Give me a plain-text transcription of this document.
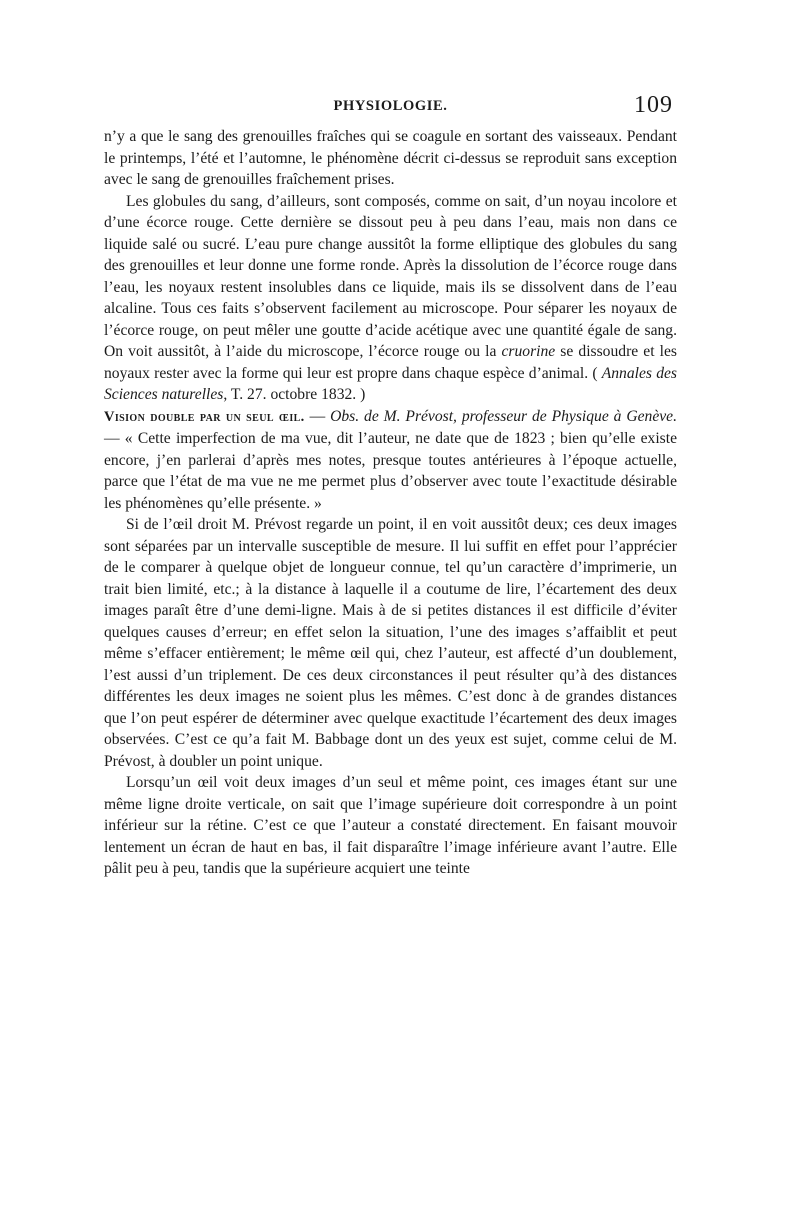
PHYSIOLOGIE.	109

n’y a que le sang des grenouilles fraîches qui se coagule en sortant des vaisseaux. Pendant le printemps, l’été et l’automne, le phénomène décrit ci-dessus se reproduit sans exception avec le sang de grenouilles fraîchement prises.

Les globules du sang, d’ailleurs, sont composés, comme on sait, d’un noyau incolore et d’une écorce rouge. Cette dernière se dissout peu à peu dans l’eau, mais non dans ce liquide salé ou sucré. L’eau pure change aussitôt la forme elliptique des globules du sang des grenouilles et leur donne une forme ronde. Après la dissolution de l’écorce rouge dans l’eau, les noyaux restent insolubles dans ce liquide, mais ils se dissolvent dans de l’eau alcaline. Tous ces faits s’observent facilement au microscope. Pour séparer les noyaux de l’écorce rouge, on peut mêler une goutte d’acide acétique avec une quantité égale de sang. On voit aussitôt, à l’aide du microscope, l’écorce rouge ou la cruorine se dissoudre et les noyaux rester avec la forme qui leur est propre dans chaque espèce d’animal. ( Annales des Sciences naturelles, T. 27. octobre 1832. )

Vision double par un seul œil. — Obs. de M. Prévost, professeur de Physique à Genève. — « Cette imperfection de ma vue, dit l’auteur, ne date que de 1823 ; bien qu’elle existe encore, j’en parlerai d’après mes notes, presque toutes antérieures à l’époque actuelle, parce que l’état de ma vue ne me permet plus d’observer avec toute l’exactitude désirable les phénomènes qu’elle présente. »

Si de l’œil droit M. Prévost regarde un point, il en voit aussitôt deux; ces deux images sont séparées par un intervalle susceptible de mesure. Il lui suffit en effet pour l’apprécier de le comparer à quelque objet de longueur connue, tel qu’un caractère d’imprimerie, un trait bien limité, etc.; à la distance à laquelle il a coutume de lire, l’écartement des deux images paraît être d’une demi-ligne. Mais à de si petites distances il est difficile d’éviter quelques causes d’erreur; en effet selon la situation, l’une des images s’affaiblit et peut même s’effacer entièrement; le même œil qui, chez l’auteur, est affecté d’un doublement, l’est aussi d’un triplement. De ces deux circonstances il peut résulter qu’à des distances différentes les deux images ne soient plus les mêmes. C’est donc à de grandes distances que l’on peut espérer de déterminer avec quelque exactitude l’écartement des deux images observées. C’est ce qu’a fait M. Babbage dont un des yeux est sujet, comme celui de M. Prévost, à doubler un point unique.

Lorsqu’un œil voit deux images d’un seul et même point, ces images étant sur une même ligne droite verticale, on sait que l’image supérieure doit correspondre à un point inférieur sur la rétine. C’est ce que l’auteur a constaté directement. En faisant mouvoir lentement un écran de haut en bas, il fait disparaître l’image inférieure avant l’autre. Elle pâlit peu à peu, tandis que la supérieure acquiert une teinte
